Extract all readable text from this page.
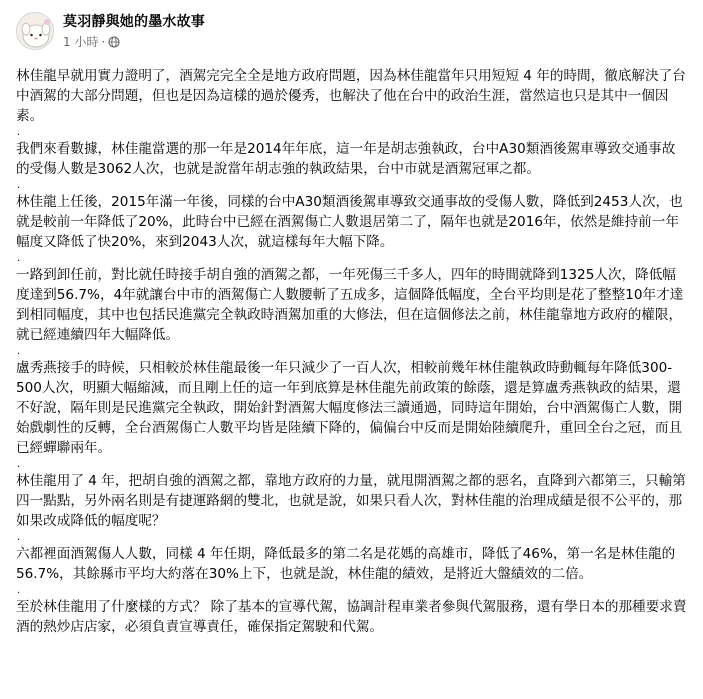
莫羽靜與她的墨水故事
1 小時 ·

林佳龍早就用實力證明了，酒駕完完全全是地方政府問題，因為林佳龍當年只用短短 4 年的時間，徹底解決了台中酒駕的大部分問題，但也是因為這樣的過於優秀，也解決了他在台中的政治生涯，當然這也只是其中一個因素。

.

我們來看數據，林佳龍當選的那一年是2014年年底，這一年是胡志強執政，台中A30類酒後駕車導致交通事故的受傷人數是3062人次，也就是說當年胡志強的執政結果，台中市就是酒駕冠軍之都。

.

林佳龍上任後，2015年滿一年後，同樣的台中A30類酒後駕車導致交通事故的受傷人數，降低到2453人次，也就是較前一年降低了20%，此時台中已經在酒駕傷亡人數退居第二了，隔年也就是2016年，依然是維持前一年幅度又降低了快20%，來到2043人次，就這樣每年大幅下降。

.

一路到卸任前，對比就任時接手胡自強的酒駕之都，一年死傷三千多人，四年的時間就降到1325人次，降低幅度達到56.7%，4年就讓台中市的酒駕傷亡人數腰斬了五成多，這個降低幅度，全台平均則是花了整整10年才達到相同幅度，其中也包括民進黨完全執政時酒駕加重的大修法，但在這個修法之前，林佳龍靠地方政府的權限，就已經連續四年大幅降低。

.

盧秀燕接手的時候，只相較於林佳龍最後一年只減少了一百人次，相較前幾年林佳龍執政時動輒每年降低300-500人次，明顯大幅縮減，而且剛上任的這一年到底算是林佳龍先前政策的餘蔭，還是算盧秀燕執政的結果，還不好說，隔年則是民進黨完全執政，開始針對酒駕大幅度修法三讀通過，同時這年開始，台中酒駕傷亡人數，開始戲劇性的反轉，全台酒駕傷亡人數平均皆是陸續下降的，偏偏台中反而是開始陸續爬升，重回全台之冠，而且已經蟬聯兩年。

.

林佳龍用了 4 年，把胡自強的酒駕之都，靠地方政府的力量，就甩開酒駕之都的惡名，直降到六都第三，只輸第四一點點，另外兩名則是有捷運路網的雙北，也就是說，如果只看人次，對林佳龍的治理成績是很不公平的，那如果改成降低的幅度呢？

.

六都裡面酒駕傷人人數，同樣 4 年任期，降低最多的第二名是花媽的高雄市，降低了46%，第一名是林佳龍的56.7%，其餘縣市平均大約落在30%上下，也就是說，林佳龍的績效，是將近大盤績效的二倍。

.

至於林佳龍用了什麼樣的方式？ 除了基本的宣導代駕，協調計程車業者參與代駕服務，還有學日本的那種要求賣酒的熱炒店店家，必須負責宣導責任，確保指定駕駛和代駕。
